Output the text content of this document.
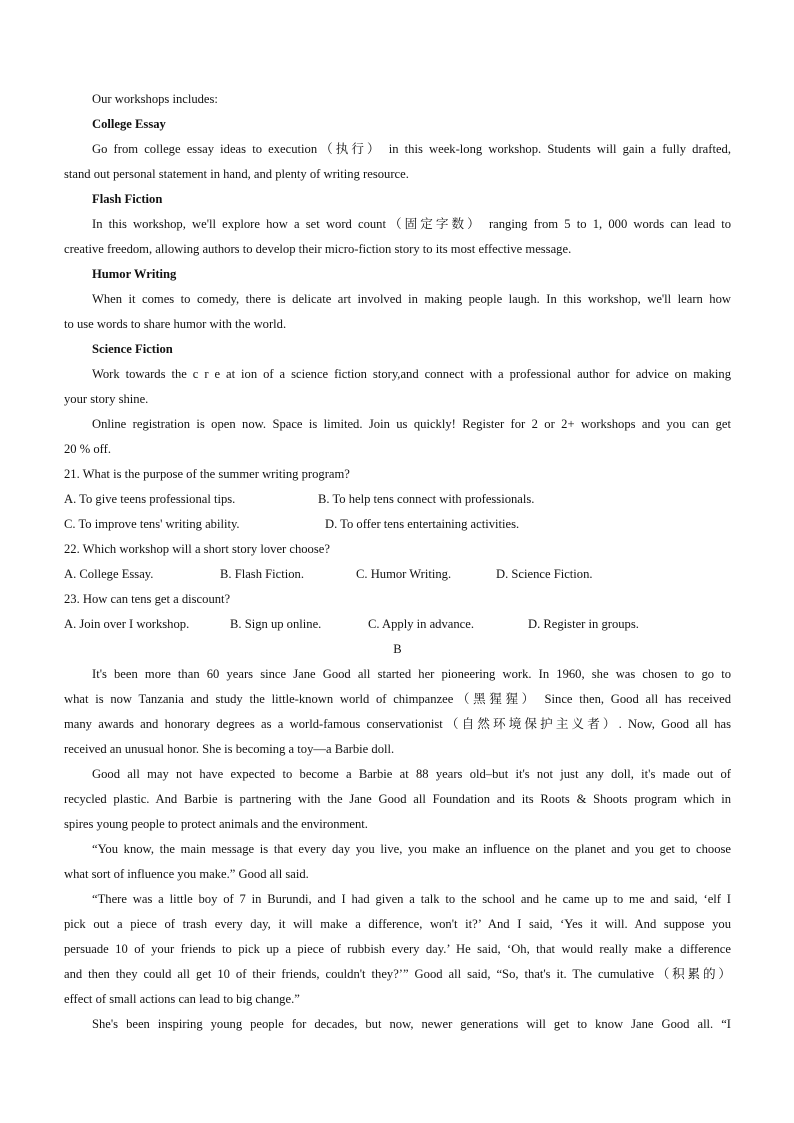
Our workshops includes:
College Essay
Go from college essay ideas to execution（执行） in this week-long workshop. Students will gain a fully drafted,
stand out personal statement in hand, and plenty of writing resource.
Flash Fiction
In this workshop, we'll explore how a set word count（固定字数） ranging from 5 to 1, 000 words can lead to
creative freedom, allowing authors to develop their micro-fiction story to its most effective message.
Humor Writing
When it comes to comedy, there is delicate art involved in making people laugh. In this workshop, we'll learn how
to use words to share humor with the world.
Science Fiction
Work towards the c r e at ion of a science fiction story,and connect with a professional author for advice on making
your story shine.
Online registration is open now. Space is limited. Join us quickly! Register for 2 or 2+ workshops and you can get
20 % off.
21. What is the purpose of the summer writing program?
A. To give teens professional tips.	B. To help tens connect with professionals.
C. To improve tens' writing ability.	D. To offer tens entertaining activities.
22. Which workshop will a short story lover choose?
A. College Essay.	B. Flash Fiction.	C. Humor Writing.	D. Science Fiction.
23. How can tens get a discount?
A. Join over I workshop.	B. Sign up online.	C. Apply in advance.	D. Register in groups.
B
It's been more than 60 years since Jane Good all started her pioneering work. In 1960, she was chosen to go to
what is now Tanzania and study the little-known world of chimpanzee（黑猩猩） Since then, Good all has received
many awards and honorary degrees as a world-famous conservationist（自然环境保护主义者）. Now, Good all has
received an unusual honor. She is becoming a toy—a Barbie doll.
Good all may not have expected to become a Barbie at 88 years old–but it's not just any doll, it's made out of
recycled plastic. And Barbie is partnering with the Jane Good all Foundation and its Roots & Shoots program which in
spires young people to protect animals and the environment.
“You know, the main message is that every day you live, you make an influence on the planet and you get to choose
what sort of influence you make.” Good all said.
“There was a little boy of 7 in Burundi, and I had given a talk to the school and he came up to me and said, ‘elf I
pick out a piece of trash every day, it will make a difference, won't it?’ And I said, ‘Yes it will. And suppose you
persuade 10 of your friends to pick up a piece of rubbish every day.’ He said, ‘Oh, that would really make a difference
and then they could all get 10 of their friends, couldn't they?’” Good all said, “So, that's it. The cumulative（积累的）
effect of small actions can lead to big change.”
She's been inspiring young people for decades, but now, newer generations will get to know Jane Good all. “I
